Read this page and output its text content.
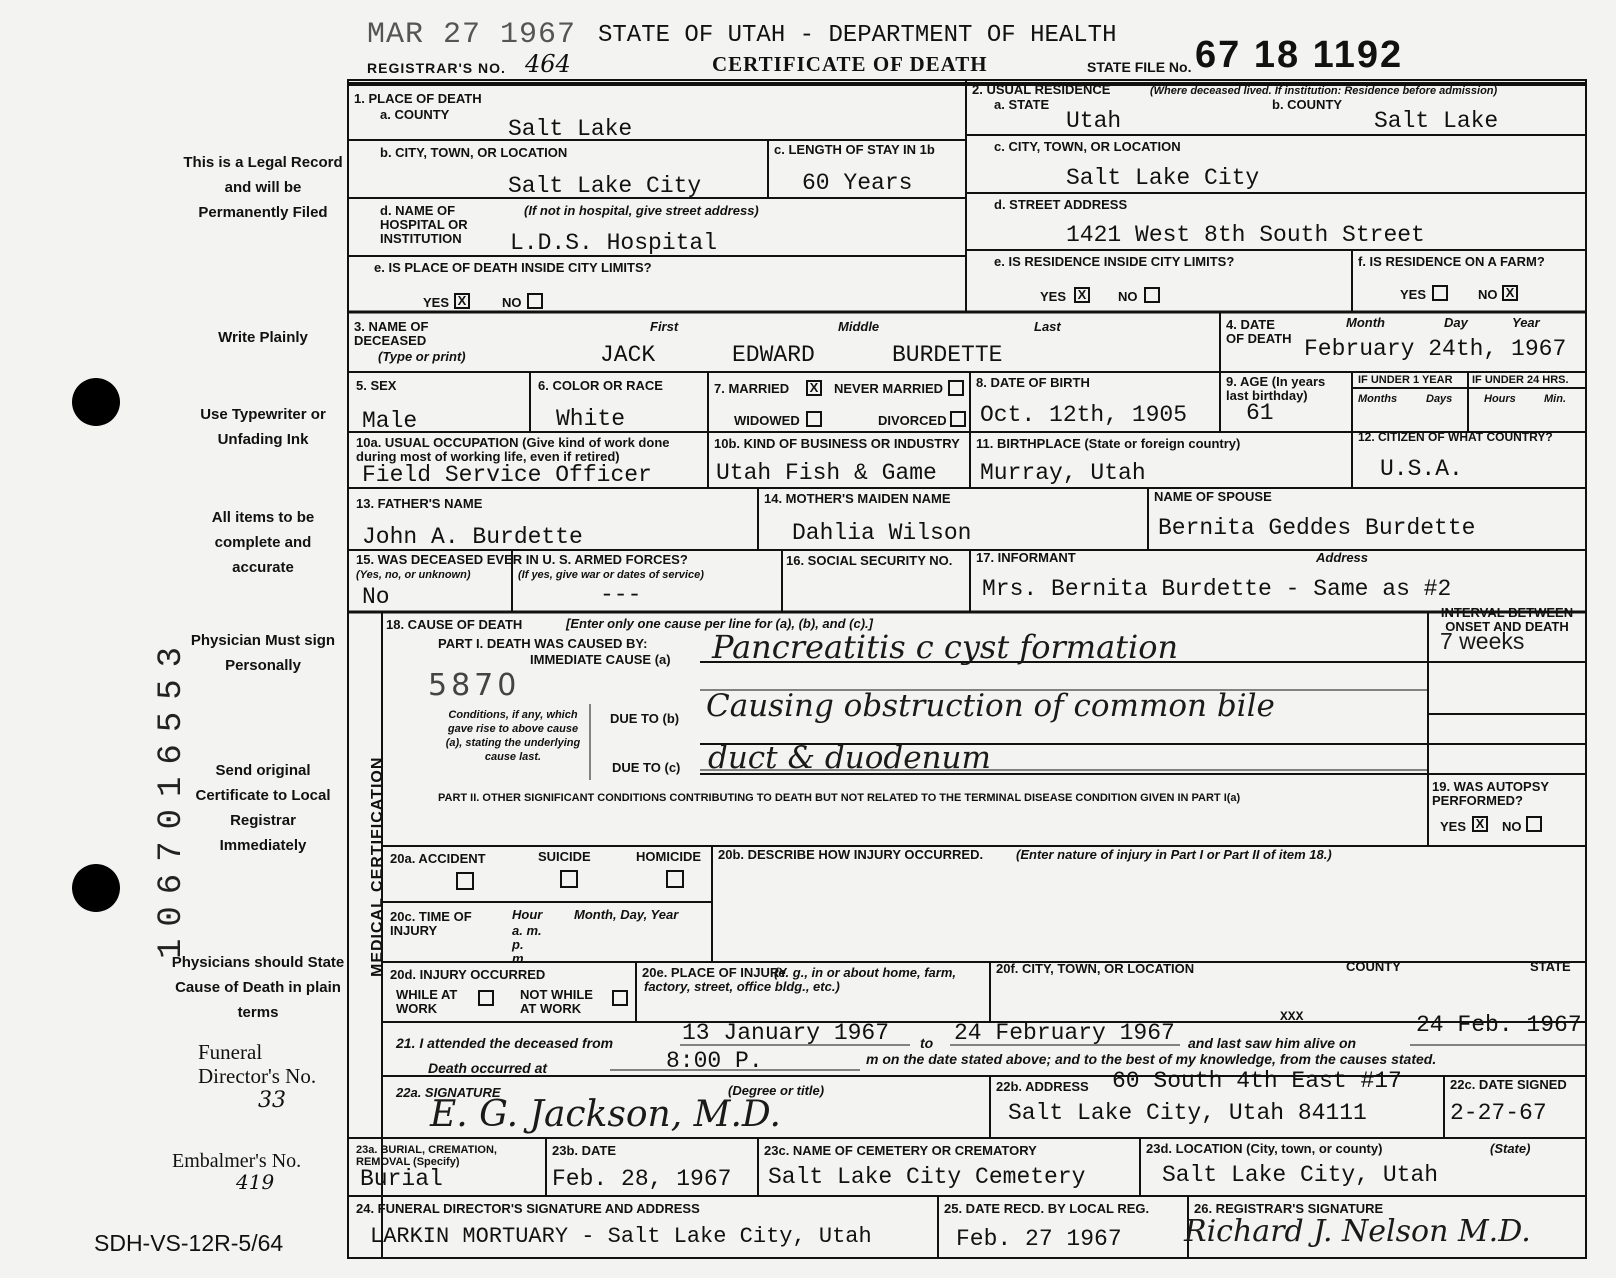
MAR 27 1967 STATE OF UTAH - DEPARTMENT OF HEALTH
REGISTRAR'S NO. 464	CERTIFICATE OF DEATH	STATE FILE No. 67 18 1192
This is a Legal Record and will be Permanently Filed
Write Plainly
Use Typewriter or Unfading Ink
All items to be complete and accurate
Physician Must sign Personally
Send original Certificate to Local Registrar Immediately
Physicians should State Cause of Death in plain terms
Funeral Director's No.
33
Embalmer's No.
419
1067016553
SDH-VS-12R-5/64
1. PLACE OF DEATH
a. COUNTY
Salt Lake
b. CITY, TOWN, OR LOCATION
Salt Lake City
c. LENGTH OF STAY IN 1b
60 Years
d. NAME OF HOSPITAL OR INSTITUTION
(If not in hospital, give street address)
L.D.S. Hospital
e. IS PLACE OF DEATH INSIDE CITY LIMITS?
YES X	NO
2. USUAL RESIDENCE	(Where deceased lived. If institution: Residence before admission)
a. STATE
Utah
b. COUNTY
Salt Lake
c. CITY, TOWN, OR LOCATION
Salt Lake City
d. STREET ADDRESS
1421 West 8th South Street
e. IS RESIDENCE INSIDE CITY LIMITS?
YES X NO
f. IS RESIDENCE ON A FARM?
YES	NO X
3. NAME OF DECEASED
(Type or print)
First	Middle	Last
JACK	EDWARD	BURDETTE
4. DATE OF DEATH
Month	Day	Year
February 24th, 1967
5. SEX
Male
6. COLOR OR RACE
White
7. MARRIED X NEVER MARRIED
WIDOWED	DIVORCED
8. DATE OF BIRTH
Oct. 12th, 1905
9. AGE (In years last birthday)
61
IF UNDER 1 YEAR IF UNDER 24 HRS.
Months	Days	Hours	Min.
10a. USUAL OCCUPATION (Give kind of work done during most of working life, even if retired)
Field Service Officer
10b. KIND OF BUSINESS OR INDUSTRY
Utah Fish & Game
11. BIRTHPLACE (State or foreign country)
Murray, Utah
12. CITIZEN OF WHAT COUNTRY?
U.S.A.
13. FATHER'S NAME
John A. Burdette
14. MOTHER'S MAIDEN NAME
Dahlia Wilson
NAME OF SPOUSE
Bernita Geddes Burdette
15. WAS DECEASED EVER IN U. S. ARMED FORCES?
(Yes, no, or unknown)	(If yes, give war or dates of service)
No	---
16. SOCIAL SECURITY NO. 17. INFORMANT	Address
Mrs. Bernita Burdette - Same as #2
MEDICAL CERTIFICATION
18. CAUSE OF DEATH	[Enter only one cause per line for (a), (b), and (c).]
PART I. DEATH WAS CAUSED BY:
IMMEDIATE CAUSE (a) Pancreatitis c cyst formation
5870
Conditions, if any, which gave rise to above cause (a), stating the underlying cause last.
DUE TO (b) Causing obstruction of common bile
DUE TO (c) duct & duodenum
INTERVAL BETWEEN ONSET AND DEATH
7 weeks
PART II. OTHER SIGNIFICANT CONDITIONS CONTRIBUTING TO DEATH BUT NOT RELATED TO THE TERMINAL DISEASE CONDITION GIVEN IN PART I(a)
19. WAS AUTOPSY PERFORMED?
YES X NO
20a. ACCIDENT	SUICIDE	HOMICIDE 20b. DESCRIBE HOW INJURY OCCURRED.	(Enter nature of injury in Part I or Part II of item 18.)
20c. TIME OF INJURY
Hour
a. m. p. m.
Month, Day, Year
20d. INJURY OCCURRED
WHILE AT WORK
NOT WHILE AT WORK
20e. PLACE OF INJURY
(e. g., in or about home, farm, factory, street, office bldg., etc.)
20f. CITY, TOWN, OR LOCATION	COUNTY	STATE
21. I attended the deceased from	13 January 1967 to 24 February 1967 and last saw him alive on
XXX	24 Feb. 1967
Death occurred at	8:00 P.	m on the date stated above; and to the best of my knowledge, from the causes stated.
22a. SIGNATURE	(Degree or title)
E. G. Jackson, M.D.
22b. ADDRESS 60 South 4th East #17
Salt Lake City, Utah 84111
22c. DATE SIGNED
2-27-67
23a. BURIAL, CREMATION, REMOVAL (Specify)
Burial
23b. DATE
Feb. 28, 1967
23c. NAME OF CEMETERY OR CREMATORY
Salt Lake City Cemetery
23d. LOCATION (City, town, or county)	(State)
Salt Lake City, Utah
24. FUNERAL DIRECTOR'S SIGNATURE AND ADDRESS
LARKIN MORTUARY - Salt Lake City, Utah
25. DATE RECD. BY LOCAL REG.
Feb. 27 1967
26. REGISTRAR'S SIGNATURE
Richard J. Nelson M.D.
